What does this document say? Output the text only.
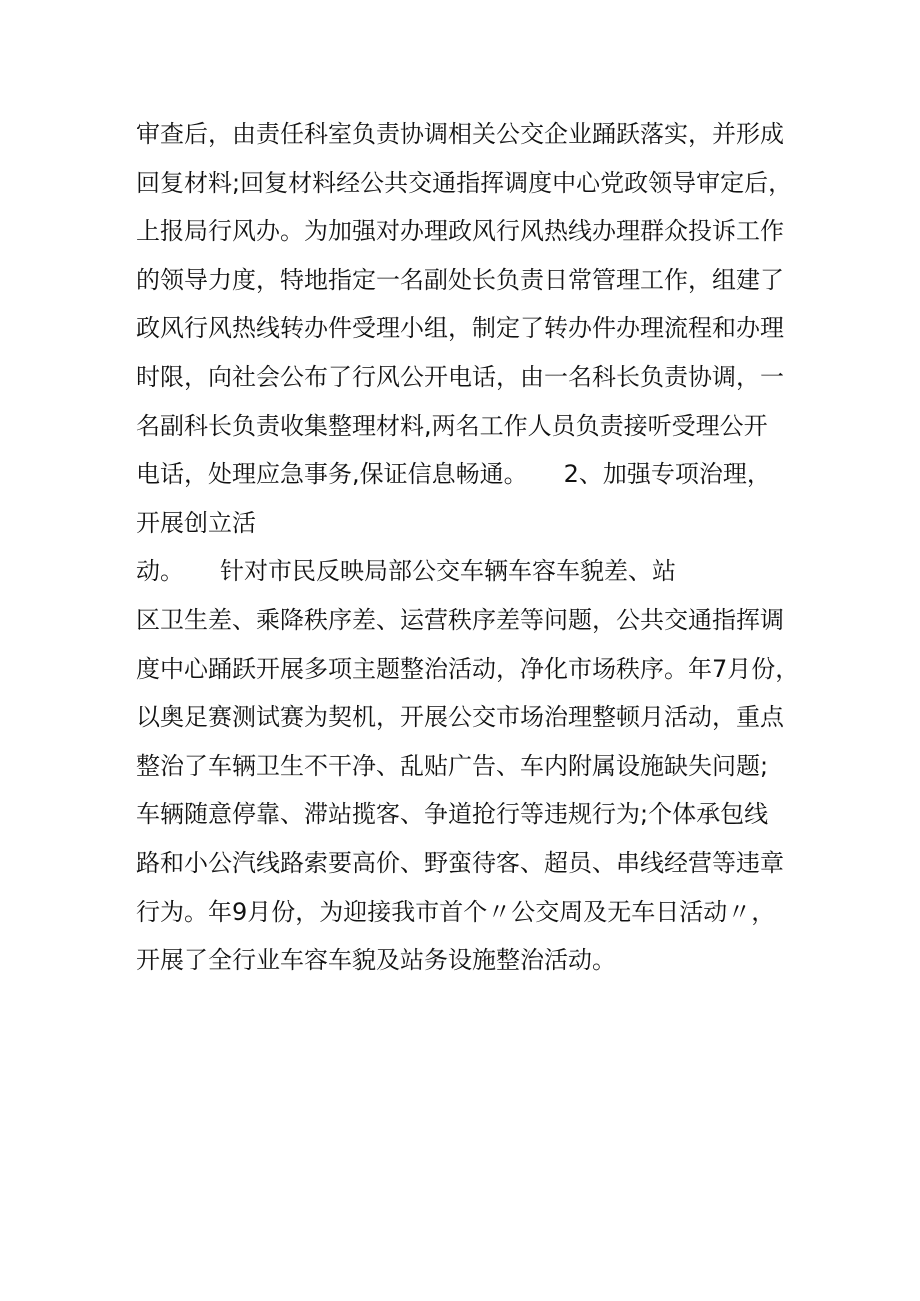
审查后，由责任科室负责协调相关公交企业踊跃落实，并形成
回复材料;回复材料经公共交通指挥调度中心党政领导审定后，
上报局行风办。为加强对办理政风行风热线办理群众投诉工作
的领导力度，特地指定一名副处长负责日常管理工作，组建了
政风行风热线转办件受理小组，制定了转办件办理流程和办理
时限，向社会公布了行风公开电话，由一名科长负责协调，一
名副科长负责收集整理材料,两名工作人员负责接听受理公开
电话，处理应急事务,保证信息畅通。　　2、加强专项治理，
开展创立活
动。　　针对市民反映局部公交车辆车容车貌差、站
区卫生差、乘降秩序差、运营秩序差等问题，公共交通指挥调
度中心踊跃开展多项主题整治活动，净化市场秩序。年7月份，
以奥足赛测试赛为契机，开展公交市场治理整顿月活动，重点
整治了车辆卫生不干净、乱贴广告、车内附属设施缺失问题;
车辆随意停靠、滞站揽客、争道抢行等违规行为;个体承包线
路和小公汽线路索要高价、野蛮待客、超员、串线经营等违章
行为。年9月份，为迎接我市首个〃公交周及无车日活动〃，
开展了全行业车容车貌及站务设施整治活动。
